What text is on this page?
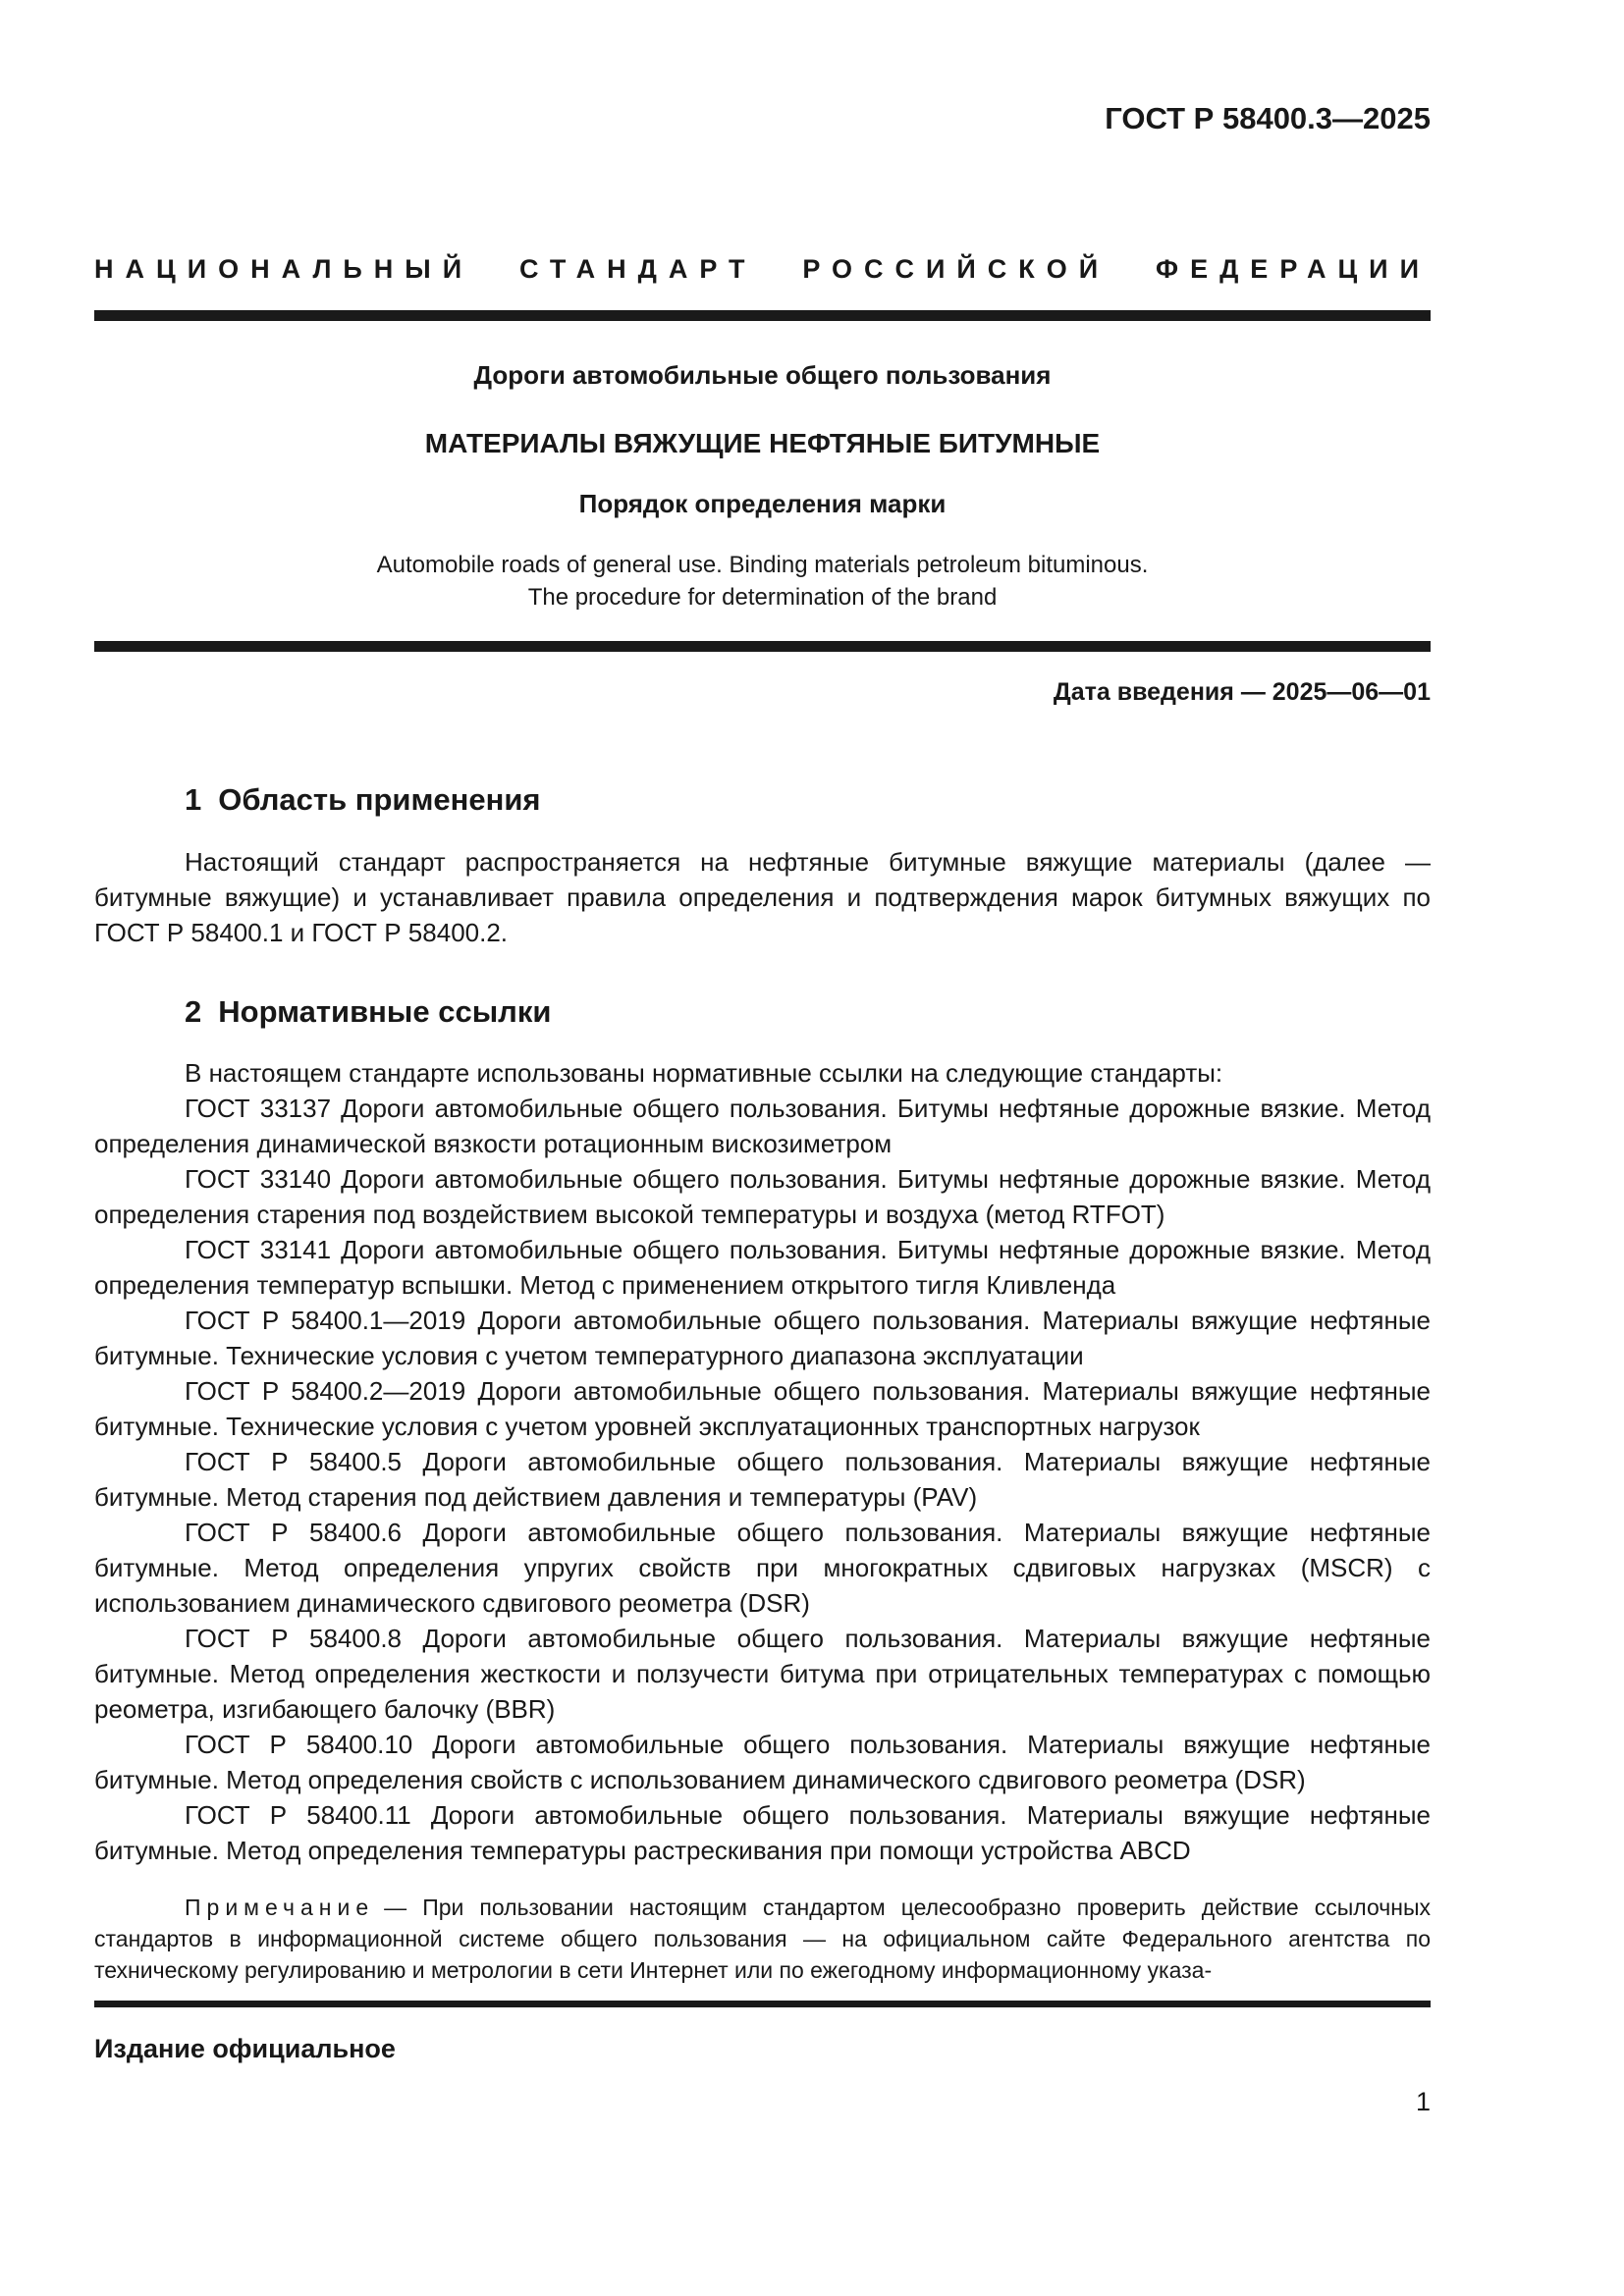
ГОСТ Р 58400.3—2025
НАЦИОНАЛЬНЫЙ СТАНДАРТ РОССИЙСКОЙ ФЕДЕРАЦИИ
Дороги автомобильные общего пользования
МАТЕРИАЛЫ ВЯЖУЩИЕ НЕФТЯНЫЕ БИТУМНЫЕ
Порядок определения марки
Automobile roads of general use. Binding materials petroleum bituminous.
The procedure for determination of the brand
Дата введения — 2025—06—01
1 Область применения

Настоящий стандарт распространяется на нефтяные битумные вяжущие материалы (далее — битумные вяжущие) и устанавливает правила определения и подтверждения марок битумных вяжущих по ГОСТ Р 58400.1 и ГОСТ Р 58400.2.

2 Нормативные ссылки

В настоящем стандарте использованы нормативные ссылки на следующие стандарты:

ГОСТ 33137 Дороги автомобильные общего пользования. Битумы нефтяные дорожные вязкие. Метод определения динамической вязкости ротационным вискозиметром

ГОСТ 33140 Дороги автомобильные общего пользования. Битумы нефтяные дорожные вязкие. Метод определения старения под воздействием высокой температуры и воздуха (метод RTFOT)

ГОСТ 33141 Дороги автомобильные общего пользования. Битумы нефтяные дорожные вязкие. Метод определения температур вспышки. Метод с применением открытого тигля Кливленда

ГОСТ Р 58400.1—2019 Дороги автомобильные общего пользования. Материалы вяжущие нефтяные битумные. Технические условия с учетом температурного диапазона эксплуатации

ГОСТ Р 58400.2—2019 Дороги автомобильные общего пользования. Материалы вяжущие нефтяные битумные. Технические условия с учетом уровней эксплуатационных транспортных нагрузок

ГОСТ Р 58400.5 Дороги автомобильные общего пользования. Материалы вяжущие нефтяные битумные. Метод старения под действием давления и температуры (PAV)

ГОСТ Р 58400.6 Дороги автомобильные общего пользования. Материалы вяжущие нефтяные битумные. Метод определения упругих свойств при многократных сдвиговых нагрузках (MSCR) с использованием динамического сдвигового реометра (DSR)

ГОСТ Р 58400.8 Дороги автомобильные общего пользования. Материалы вяжущие нефтяные битумные. Метод определения жесткости и ползучести битума при отрицательных температурах с помощью реометра, изгибающего балочку (BBR)

ГОСТ Р 58400.10 Дороги автомобильные общего пользования. Материалы вяжущие нефтяные битумные. Метод определения свойств с использованием динамического сдвигового реометра (DSR)

ГОСТ Р 58400.11 Дороги автомобильные общего пользования. Материалы вяжущие нефтяные битумные. Метод определения температуры растрескивания при помощи устройства ABCD

Примечание — При пользовании настоящим стандартом целесообразно проверить действие ссылочных стандартов в информационной системе общего пользования — на официальном сайте Федерального агентства по техническому регулированию и метрологии в сети Интернет или по ежегодному информационному указа-

Издание официальное
1
